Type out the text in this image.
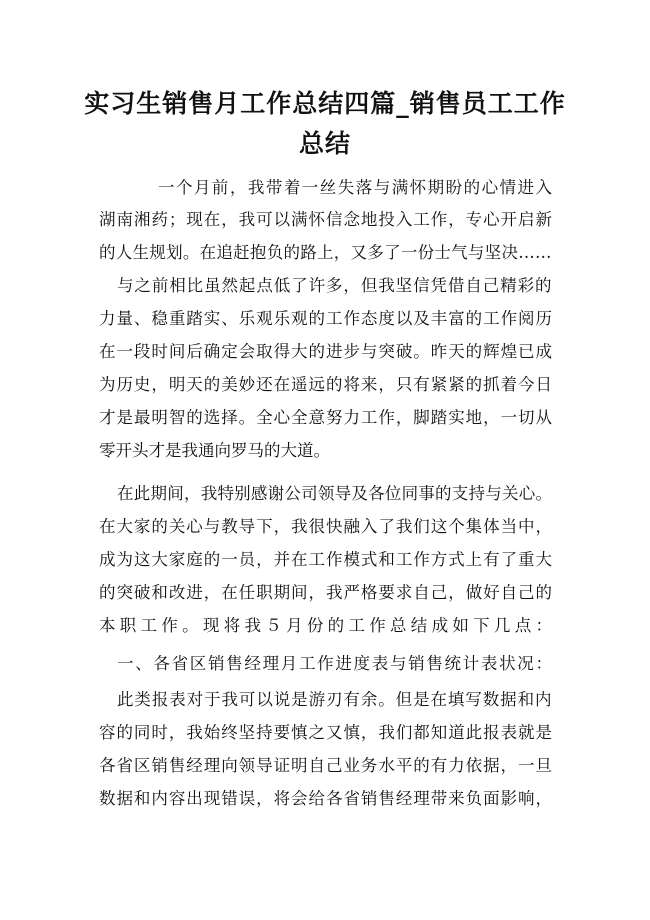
实习生销售月工作总结四篇_销售员工工作
总结
一个月前，我带着一丝失落与满怀期盼的心情进入
湖南湘药；现在，我可以满怀信念地投入工作，专心开启新
的人生规划。在追赶抱负的路上，又多了一份士气与坚决……
与之前相比虽然起点低了许多，但我坚信凭借自己精彩的
力量、稳重踏实、乐观乐观的工作态度以及丰富的工作阅历
在一段时间后确定会取得大的进步与突破。昨天的辉煌已成
为历史，明天的美妙还在遥远的将来，只有紧紧的抓着今日
才是最明智的选择。全心全意努力工作，脚踏实地，一切从
零开头才是我通向罗马的大道。
在此期间，我特别感谢公司领导及各位同事的支持与关心。
在大家的关心与教导下，我很快融入了我们这个集体当中，
成为这大家庭的一员，并在工作模式和工作方式上有了重大
的突破和改进，在任职期间，我严格要求自己，做好自己的
本职工作。现将我５月份的工作总结成如下几点：
一、各省区销售经理月工作进度表与销售统计表状况：
此类报表对于我可以说是游刃有余。但是在填写数据和内
容的同时，我始终坚持要慎之又慎，我们都知道此报表就是
各省区销售经理向领导证明自己业务水平的有力依据，一旦
数据和内容出现错误，将会给各省销售经理带来负面影响，
